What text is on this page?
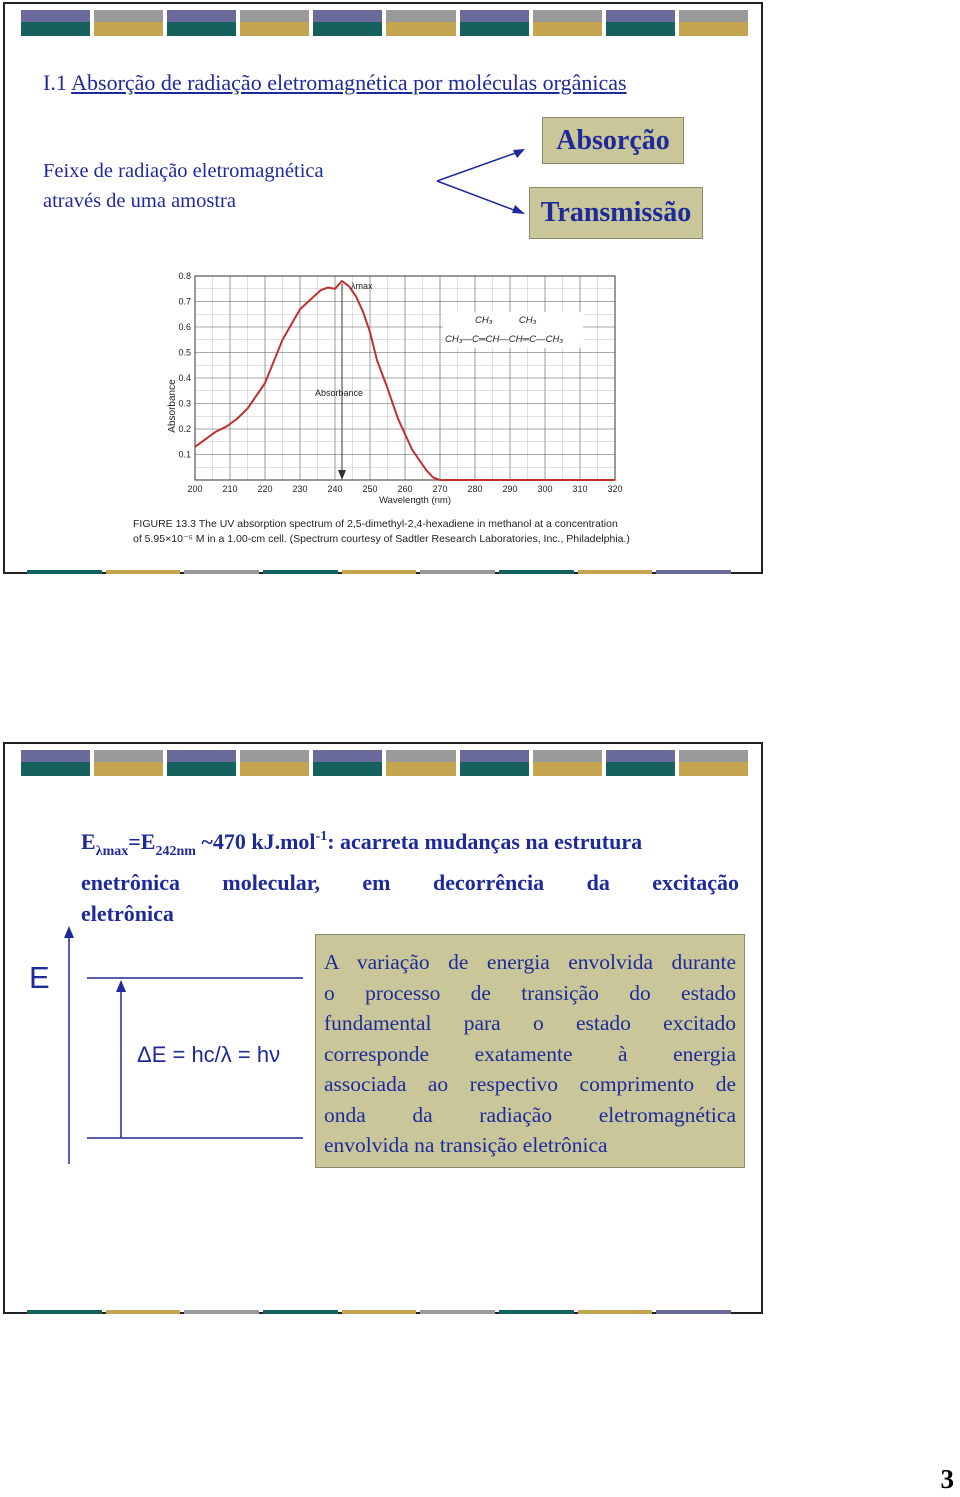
I.1 Absorção de radiação eletromagnética por moléculas orgânicas
Feixe de radiação eletromagnética
através de uma amostra
Absorção
Transmissão
0.1
0.2
0.3
0.4
0.5
0.6
0.7
0.8
200 210 220 230 240 250 260 270 280 290 300 310 320
Absorbance
Wavelength (nm)
λmax
Absorbance
CH₃          CH₃
CH₃—C═CH—CH═C—CH₃
FIGURE 13.3 The UV absorption spectrum of 2,5-dimethyl-2,4-hexadiene in methanol at a concentration
of 5.95×10⁻⁵ M in a 1.00-cm cell. (Spectrum courtesy of Sadtler Research Laboratories, Inc., Philadelphia.)
$E_{\lambda max}=E_{242nm}$ ~470 kJ.mol$^{-1}$: acarreta mudanças na estrutura
enetrônica molecular, em decorrência da excitação
eletrônica
E
ΔE = hc/λ = hν

A variação de energia envolvida durante

o processo de transição do estado

fundamental para o estado excitado

corresponde exatamente à energia

associada ao respectivo comprimento de

onda da radiação eletromagnética

envolvida na transição eletrônica

3
